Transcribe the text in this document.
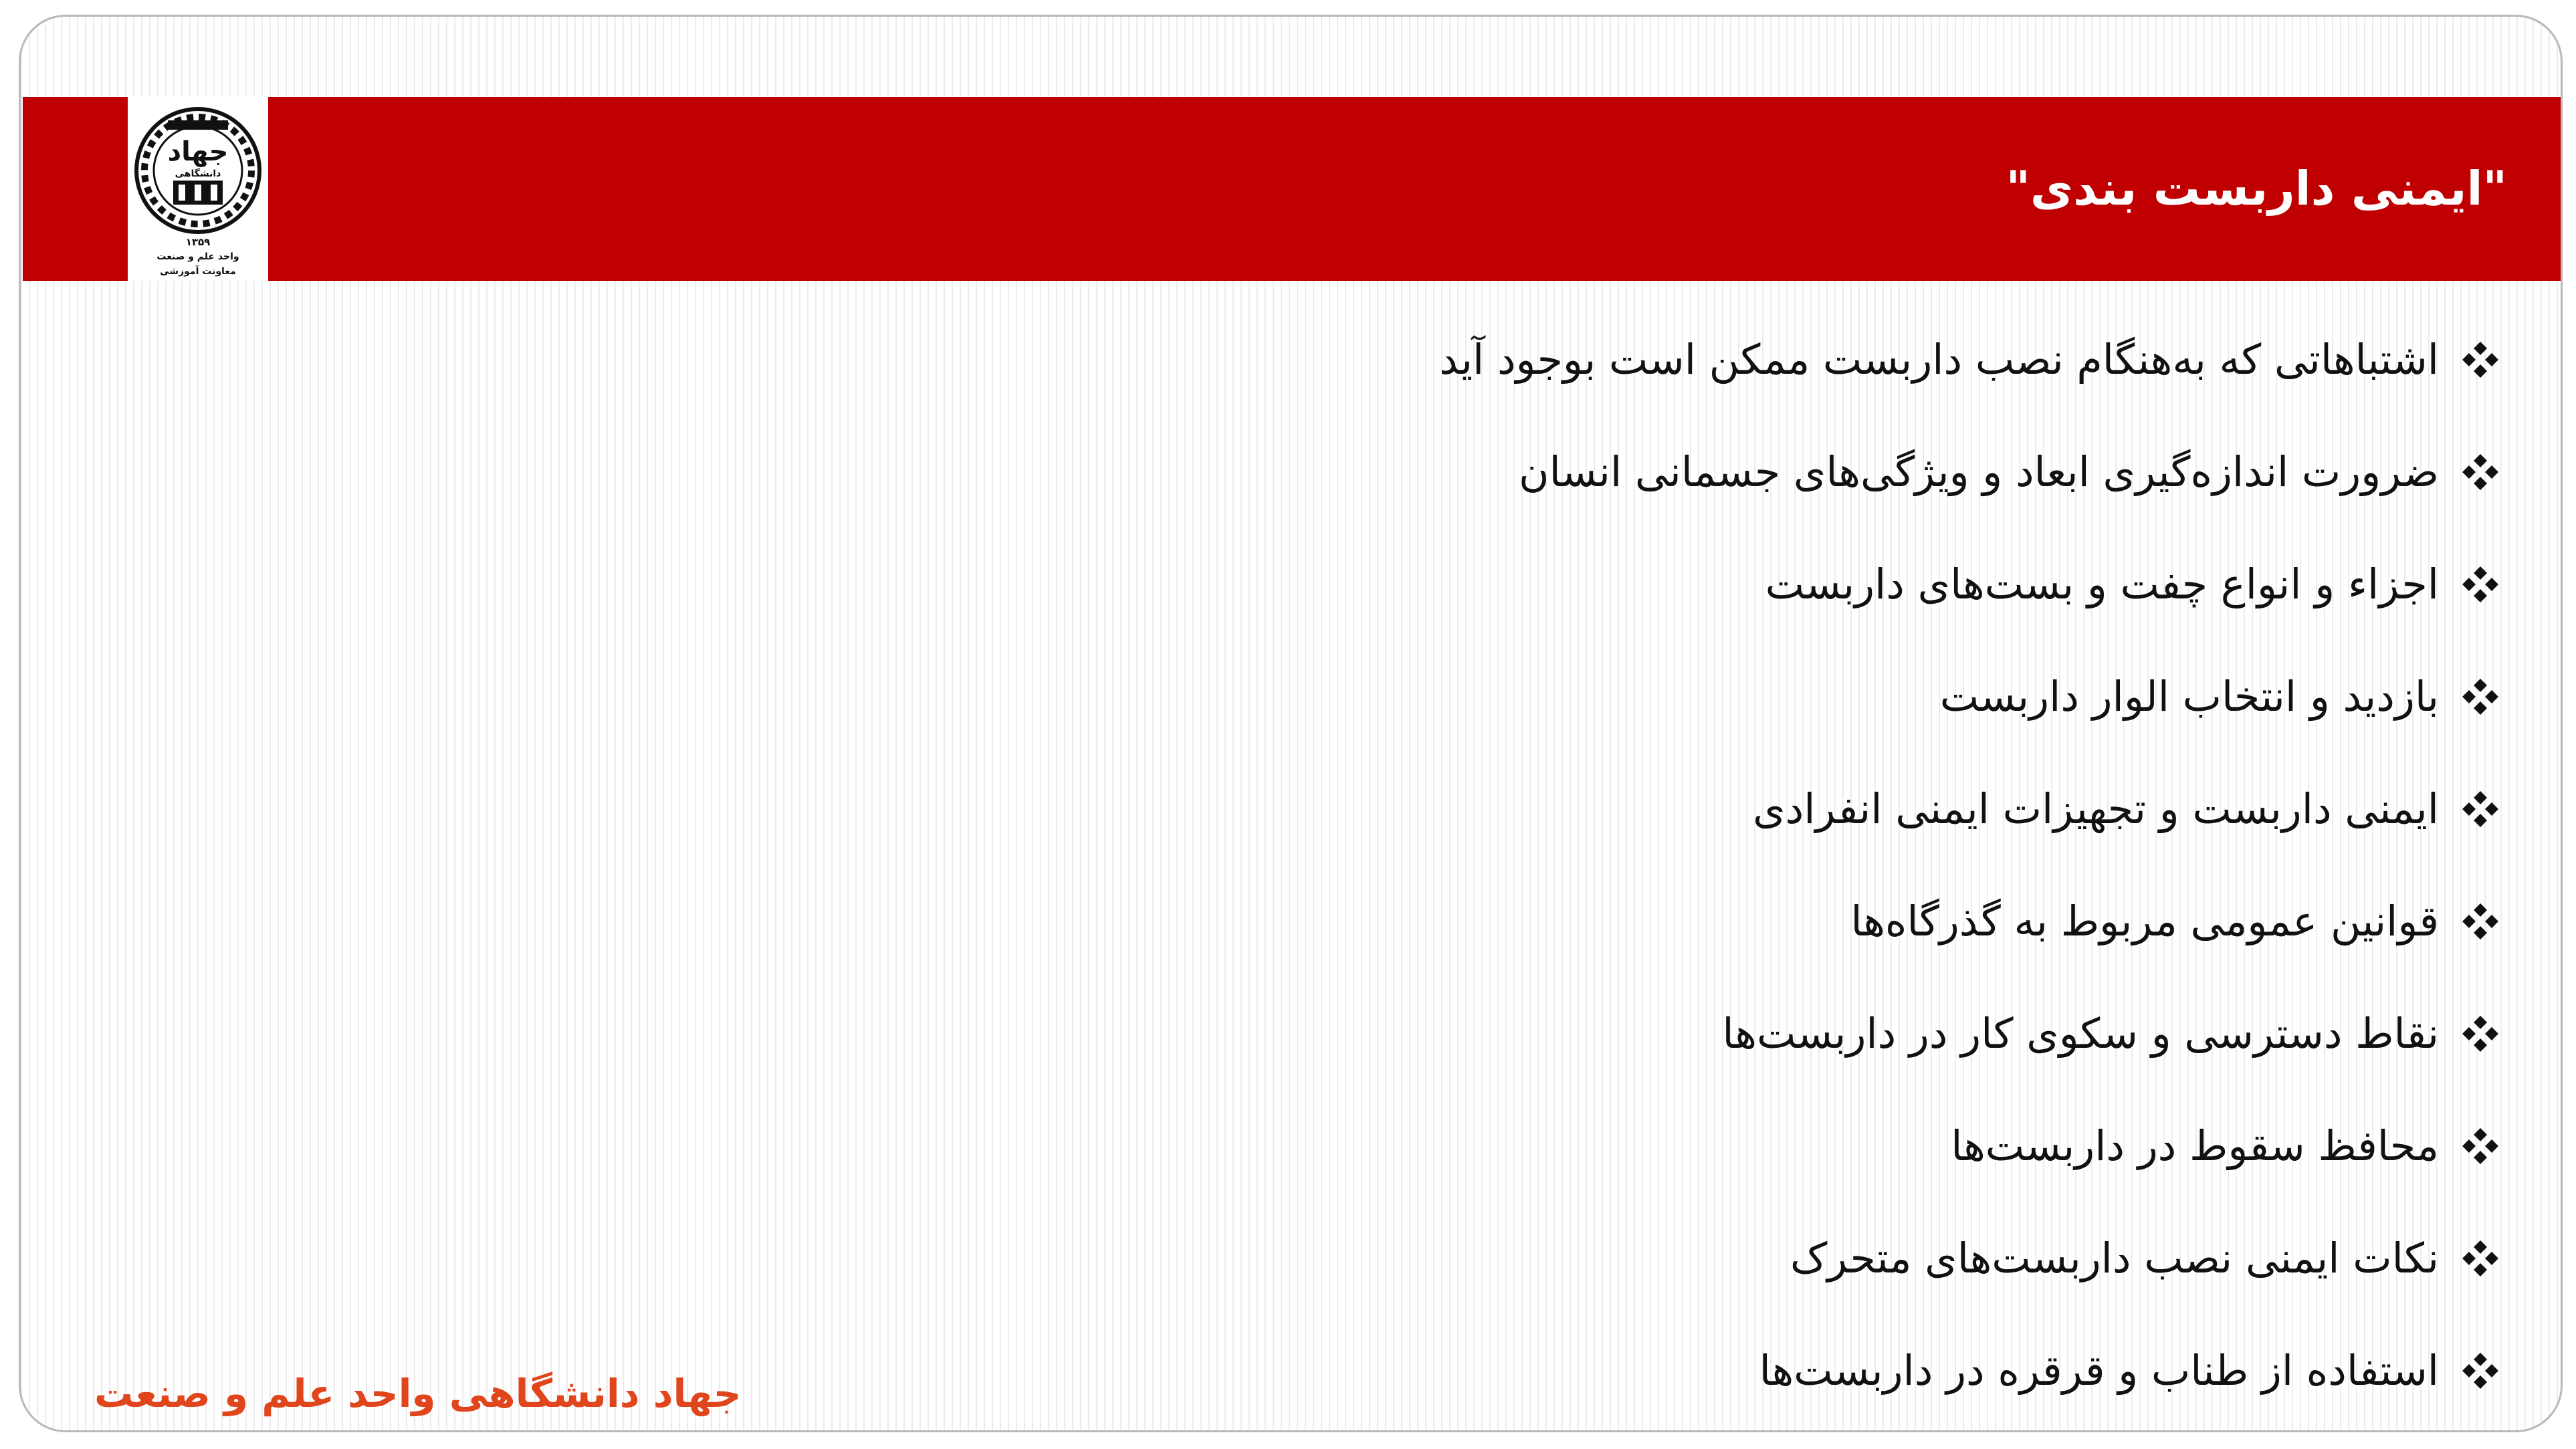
جهاد
دانشگاهی
۱۳۵۹
واحد علم و صنعت
معاونت آموزشی
"ایمنی داربست بندی"
اشتباهاتی که به‌هنگام نصب داربست ممکن است بوجود آید
ضرورت اندازه‌گیری ابعاد و ویژگی‌های جسمانی انسان
اجزاء و انواع چفت و بست‌های داربست
بازدید و انتخاب الوار داربست
ایمنی داربست و تجهیزات ایمنی انفرادی
قوانین عمومی مربوط به گذرگاه‌ها
نقاط دسترسی و سکوی کار در داربست‌ها
محافظ سقوط در داربست‌ها
نکات ایمنی نصب داربست‌های متحرک
استفاده از طناب و قرقره در داربست‌ها
جهاد دانشگاهی واحد علم و صنعت
